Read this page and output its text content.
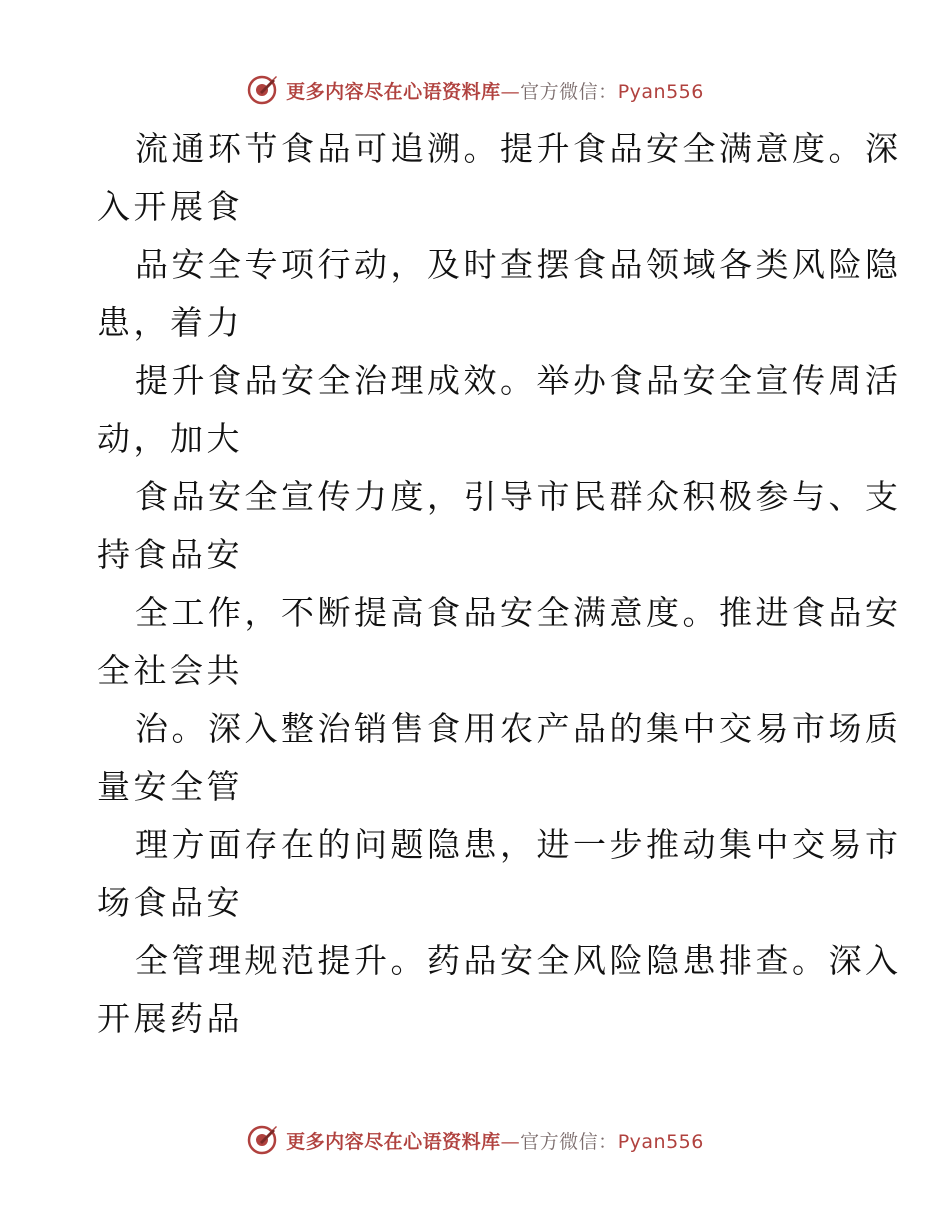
更多内容尽在心语资料库—官方微信：Pyan556
流通环节食品可追溯。提升食品安全满意度。深
入开展食
品安全专项行动，及时查摆食品领域各类风险隐
患，着力
提升食品安全治理成效。举办食品安全宣传周活
动，加大
食品安全宣传力度，引导市民群众积极参与、支
持食品安
全工作，不断提高食品安全满意度。推进食品安
全社会共
治。深入整治销售食用农产品的集中交易市场质
量安全管
理方面存在的问题隐患，进一步推动集中交易市
场食品安
全管理规范提升。药品安全风险隐患排查。深入
开展药品
更多内容尽在心语资料库—官方微信：Pyan556
